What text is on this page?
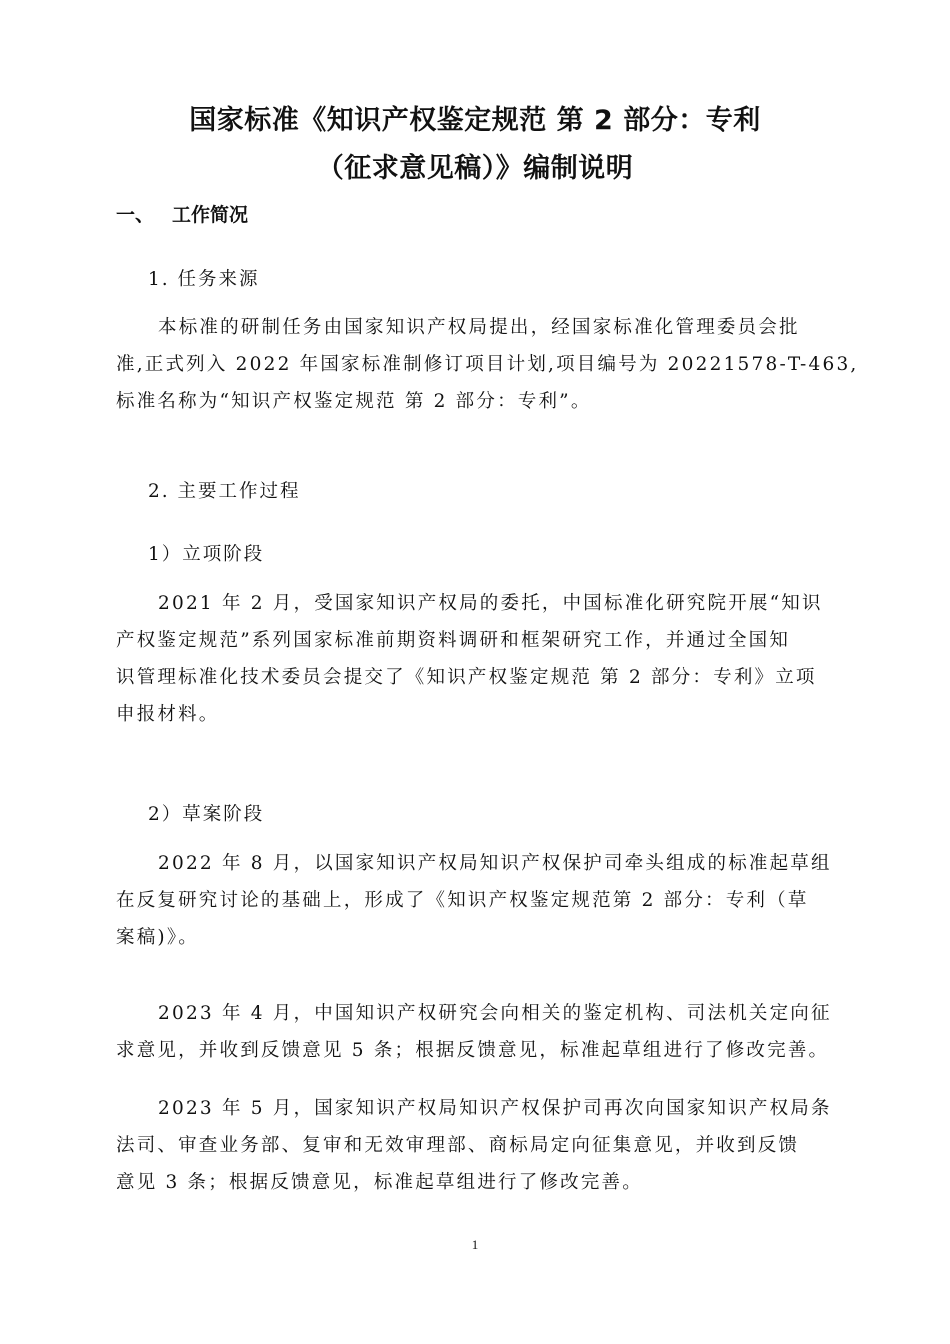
国家标准《知识产权鉴定规范 第 2 部分：专利
（征求意见稿）》编制说明
一、 工作简况
1. 任务来源
本标准的研制任务由国家知识产权局提出，经国家标准化管理委员会批
准,正式列入 2022 年国家标准制修订项目计划,项目编号为 20221578-T-463,
标准名称为“知识产权鉴定规范 第 2 部分：专利”。
2. 主要工作过程
1）立项阶段
2021 年 2 月，受国家知识产权局的委托，中国标准化研究院开展“知识
产权鉴定规范”系列国家标准前期资料调研和框架研究工作，并通过全国知
识管理标准化技术委员会提交了《知识产权鉴定规范 第 2 部分：专利》立项
申报材料。
2）草案阶段
2022 年 8 月，以国家知识产权局知识产权保护司牵头组成的标准起草组
在反复研究讨论的基础上，形成了《知识产权鉴定规范第 2 部分：专利（草
案稿)》。
2023 年 4 月，中国知识产权研究会向相关的鉴定机构、司法机关定向征
求意见，并收到反馈意见 5 条；根据反馈意见，标准起草组进行了修改完善。
2023 年 5 月，国家知识产权局知识产权保护司再次向国家知识产权局条
法司、审查业务部、复审和无效审理部、商标局定向征集意见，并收到反馈
意见 3 条；根据反馈意见，标准起草组进行了修改完善。
1
